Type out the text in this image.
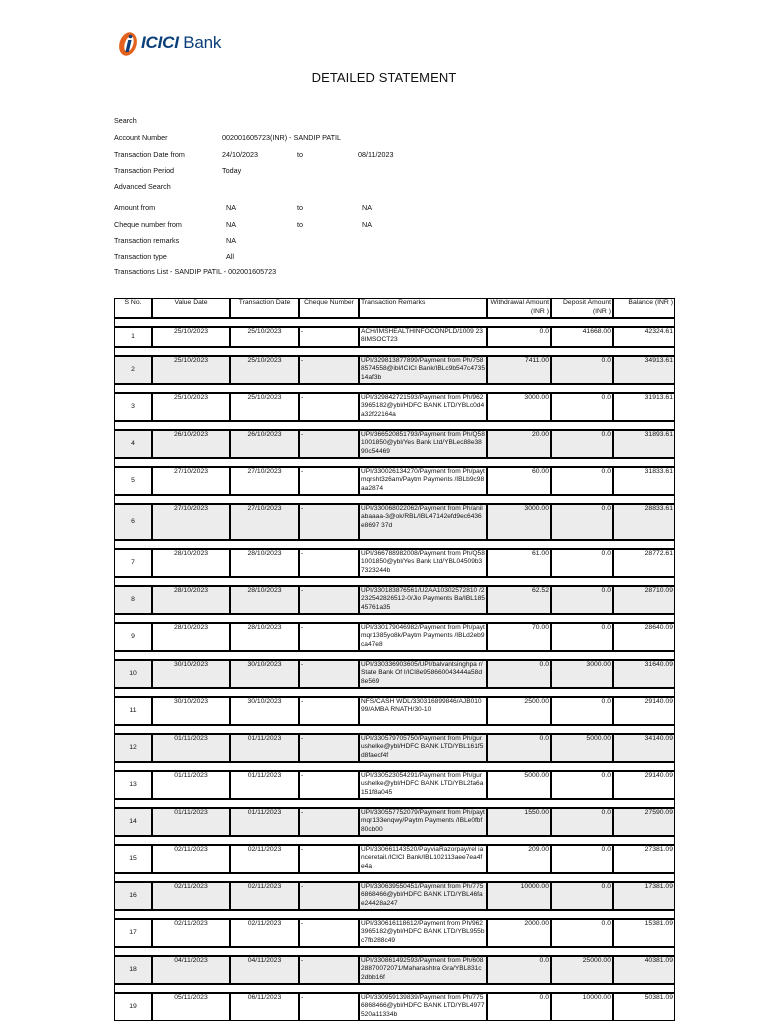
ICICI Bank
DETAILED STATEMENT
Search
Account Number	002001605723(INR) - SANDIP PATIL
Transaction Date from	24/10/2023	to	08/11/2023
Transaction Period	Today
Advanced Search
Amount from	NA	to	NA
Cheque number from	NA	to	NA
Transaction remarks	NA
Transaction type	All
Transactions List - SANDIP PATIL - 002001605723
S No.	Value Date	Transaction Date	Cheque Number	Transaction Remarks	Withdrawal Amount (INR )	Deposit Amount (INR )	Balance (INR )

1	25/10/2023	25/10/2023	-	ACH/IMSHEALTHINFOCONPLD/1009 238IMSOCT23	0.0	41668.00	42324.61

2	25/10/2023	25/10/2023	-	UPI/329813877899/Payment from Ph/7588574558@ibl/ICICI Bank/IBLc9b547c473514af3b	7411.00	0.0	34913.61

3	25/10/2023	25/10/2023	-	UPI/329842721593/Payment from Ph/9623965182@ybl/HDFC BANK LTD/YBLc0d4a32f22164a	3000.00	0.0	31913.61

4	26/10/2023	26/10/2023	-	UPI/366520851793/Payment from Ph/Q581001850@ybl/Yes Bank Ltd/YBLec88e3890c54469	20.00	0.0	31893.61

5	27/10/2023	27/10/2023	-	UPI/330026134270/Payment from Ph/paytmqrsht3z6am/Paytm Payments /IBLb9c98aa2874	60.00	0.0	31833.61

6	27/10/2023	27/10/2023	-	UPI/330068022062/Payment from Ph/anilabaaaa-3@ok/RBL/IBL47142efd9ec6436e8697 37d	3000.00	0.0	28833.61

7	28/10/2023	28/10/2023	-	UPI/366788982008/Payment from Ph/Q581001850@ybl/Yes Bank Ltd/YBL04509b37323244b	61.00	0.0	28772.61

8	28/10/2023	28/10/2023	-	UPI/330183876561/U2AA10302572810 /2232542826512-0/Jio Payments Ba/IBL18545761a35	62.52	0.0	28710.09

9	28/10/2023	28/10/2023	-	UPI/330179046982/Payment from Ph/paytmqr1385yo8k/Paytm Payments /IBLd2eb9ca47e8	70.00	0.0	28640.09

10	30/10/2023	30/10/2023	-	UPI/330336903605/UPI/balvantsinghpa r/State Bank Of I/ICI8e958660043444a58d8e569	0.0	3000.00	31640.09

11	30/10/2023	30/10/2023	-	NFS/CASH WDL/330316899846/AJB01099/AMBA RNATH/30-10	2500.00	0.0	29140.09

12	01/11/2023	01/11/2023	-	UPI/330579705750/Payment from Ph/gurushelke@ybl/HDFC BANK LTD/YBL161f5d8faecf4f	0.0	5000.00	34140.09

13	01/11/2023	01/11/2023	-	UPI/330523054291/Payment from Ph/gurushelke@ybl/HDFC BANK LTD/YBL2fa6a151f8a045	5000.00	0.0	29140.09

14	01/11/2023	01/11/2023	-	UPI/330557752079/Payment from Ph/paytmqr133enqwy/Paytm Payments /IBLe0fbf80cb00	1550.00	0.0	27590.09

15	02/11/2023	02/11/2023	-	UPI/330661143520/PayviaRazorpay/rel ianceretail./ICICI Bank/IBL102113aee7ea4fe4a	209.00	0.0	27381.09

16	02/11/2023	02/11/2023	-	UPI/330639550451/Payment from Ph/7756868466@ybl/HDFC BANK LTD/YBL46fae24428a247	10000.00	0.0	17381.09

17	02/11/2023	02/11/2023	-	UPI/330616118612/Payment from Ph/9623965182@ybl/HDFC BANK LTD/YBL955bc7fb288c49	2000.00	0.0	15381.09

18	04/11/2023	04/11/2023	-	UPI/330861492593/Payment from Ph/60828870072071/Maharashtra Gra/YBL831c2dbb16f	0.0	25000.00	40381.09

19	05/11/2023	06/11/2023	-	UPI/330959139839/Payment from Ph/7756868466@ybl/HDFC BANK LTD/YBL4977520a11334b	0.0	10000.00	50381.09
